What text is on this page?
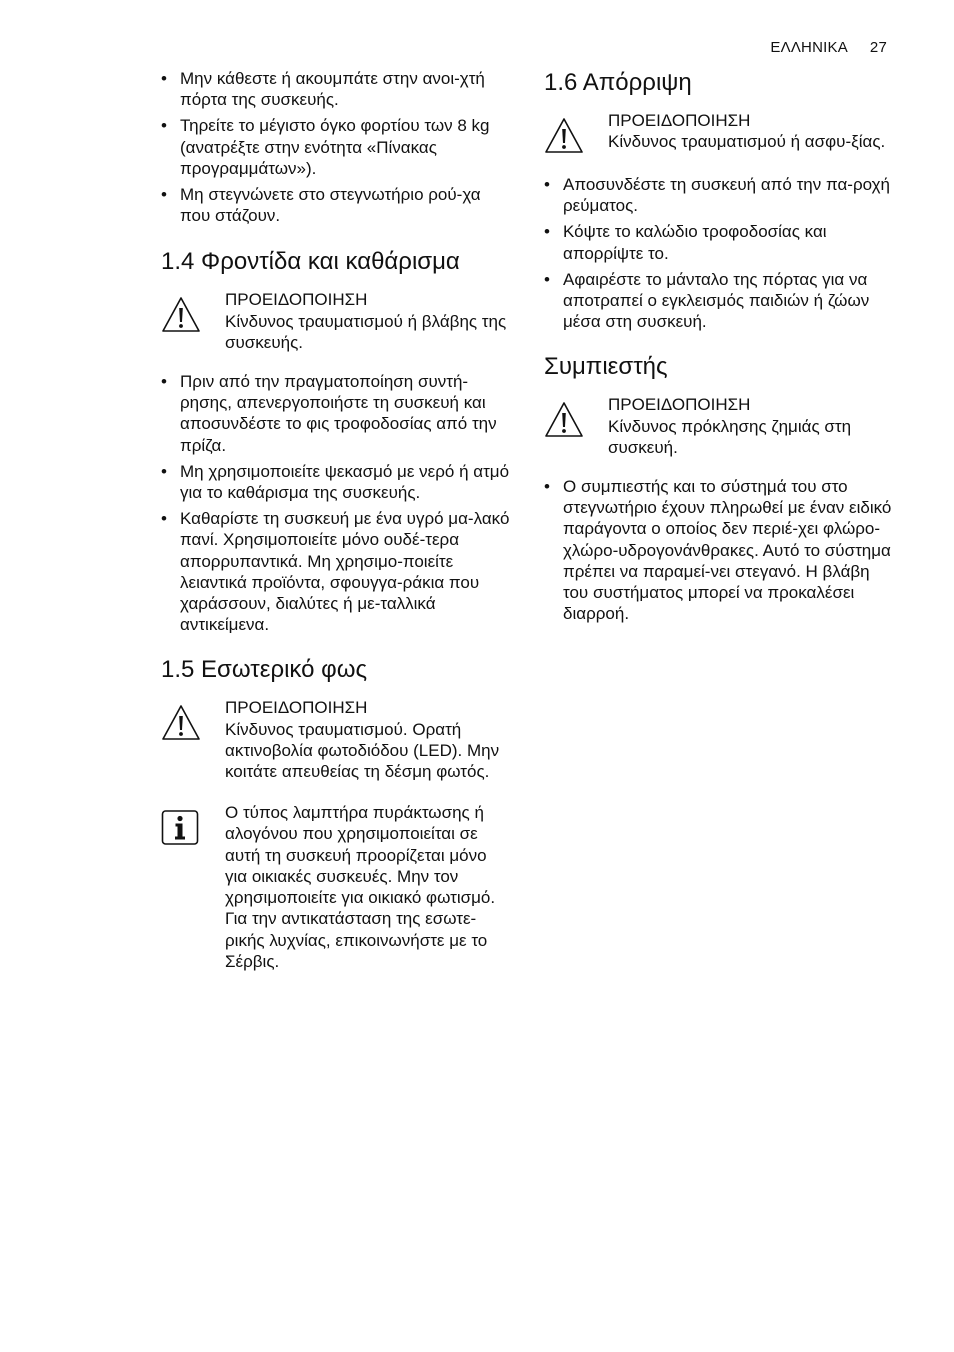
ΕΛΛΗΝΙΚΑ 27
• Μην κάθεστε ή ακουμπάτε στην ανοι-χτή πόρτα της συσκευής.
• Τηρείτε το μέγιστο όγκο φορτίου των 8 kg (ανατρέξτε στην ενότητα «Πίνακας προγραμμάτων»).
• Μη στεγνώνετε στο στεγνωτήριο ρού-χα που στάζουν.
1.4 Φροντίδα και καθάρισμα
ΠΡΟΕΙΔΟΠΟΙΗΣΗ
Κίνδυνος τραυματισμού ή βλάβης της συσκευής.
• Πριν από την πραγματοποίηση συντή-ρησης, απενεργοποιήστε τη συσκευή και αποσυνδέστε το φις τροφοδοσίας από την πρίζα.
• Μη χρησιμοποιείτε ψεκασμό με νερό ή ατμό για το καθάρισμα της συσκευής.
• Καθαρίστε τη συσκευή με ένα υγρό μα-λακό πανί. Χρησιμοποιείτε μόνο ουδέ-τερα απορρυπαντικά. Μη χρησιμο-ποιείτε λειαντικά προϊόντα, σφουγγα-ράκια που χαράσσουν, διαλύτες ή με-ταλλικά αντικείμενα.
1.5 Εσωτερικό φως
ΠΡΟΕΙΔΟΠΟΙΗΣΗ
Κίνδυνος τραυματισμού. Ορατή ακτινοβολία φωτοδιόδου (LED). Μην κοιτάτε απευθείας τη δέσμη φωτός.
Ο τύπος λαμπτήρα πυράκτωσης ή αλογόνου που χρησιμοποιείται σε αυτή τη συσκευή προορίζεται μόνο για οικιακές συσκευές. Μην τον χρησιμοποιείτε για οικιακό φωτισμό.
Για την αντικατάσταση της εσωτε-ρικής λυχνίας, επικοινωνήστε με το Σέρβις.
1.6 Απόρριψη
ΠΡΟΕΙΔΟΠΟΙΗΣΗ
Κίνδυνος τραυματισμού ή ασφυ-ξίας.
• Αποσυνδέστε τη συσκευή από την πα-ροχή ρεύματος.
• Κόψτε το καλώδιο τροφοδοσίας και απορρίψτε το.
• Αφαιρέστε το μάνταλο της πόρτας για να αποτραπεί ο εγκλεισμός παιδιών ή ζώων μέσα στη συσκευή.
Συμπιεστής
ΠΡΟΕΙΔΟΠΟΙΗΣΗ
Κίνδυνος πρόκλησης ζημιάς στη συσκευή.
• Ο συμπιεστής και το σύστημά του στο στεγνωτήριο έχουν πληρωθεί με έναν ειδικό παράγοντα ο οποίος δεν περιέ-χει φλώρο-χλώρο-υδρογονάνθρακες. Αυτό το σύστημα πρέπει να παραμεί-νει στεγανό. Η βλάβη του συστήματος μπορεί να προκαλέσει διαρροή.
